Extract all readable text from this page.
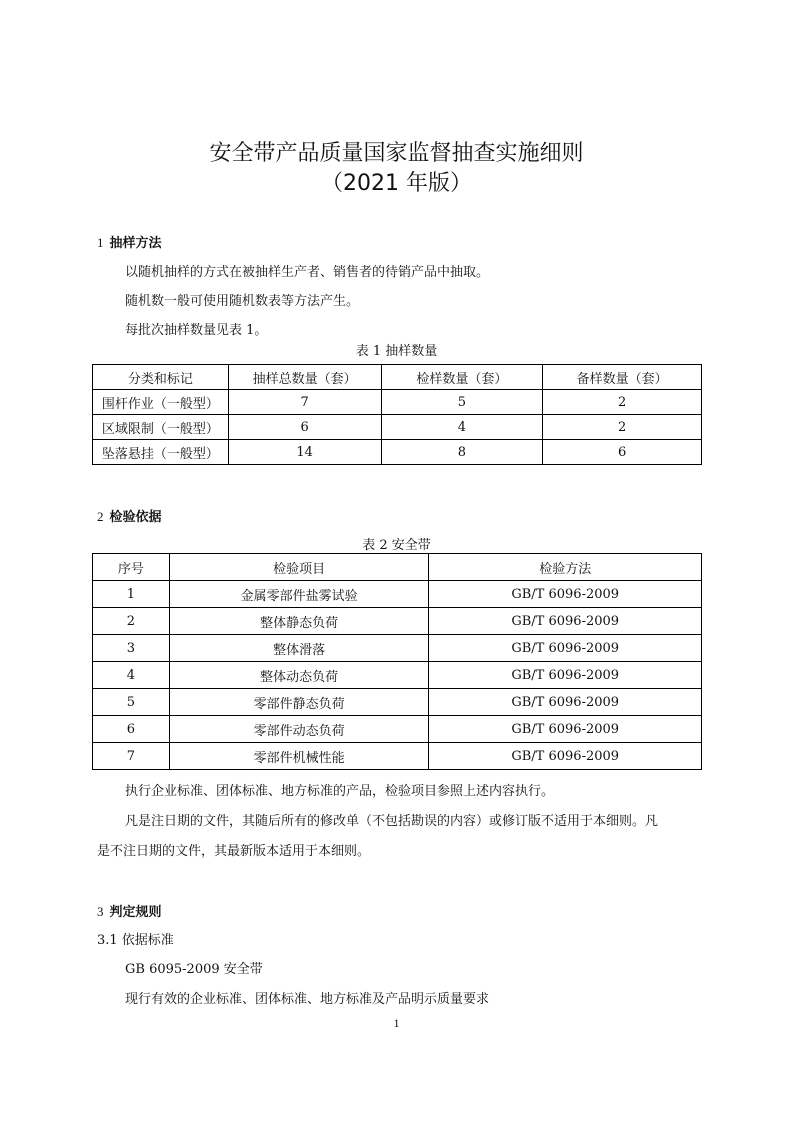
安全带产品质量国家监督抽查实施细则
（2021 年版）
1 抽样方法
以随机抽样的方式在被抽样生产者、销售者的待销产品中抽取。
随机数一般可使用随机数表等方法产生。
每批次抽样数量见表 1。
表 1 抽样数量
分类和标记	抽样总数量（套）	检样数量（套）	备样数量（套）
围杆作业（一般型）	7	5	2
区域限制（一般型）	6	4	2
坠落悬挂（一般型）	14	8	6
2 检验依据
表 2 安全带
序号	检验项目	检验方法
1	金属零部件盐雾试验	GB/T 6096-2009
2	整体静态负荷	GB/T 6096-2009
3	整体滑落	GB/T 6096-2009
4	整体动态负荷	GB/T 6096-2009
5	零部件静态负荷	GB/T 6096-2009
6	零部件动态负荷	GB/T 6096-2009
7	零部件机械性能	GB/T 6096-2009
执行企业标准、团体标准、地方标准的产品，检验项目参照上述内容执行。
凡是注日期的文件，其随后所有的修改单（不包括勘误的内容）或修订版不适用于本细则。凡
是不注日期的文件，其最新版本适用于本细则。
3 判定规则
3.1 依据标准
GB 6095-2009 安全带
现行有效的企业标准、团体标准、地方标准及产品明示质量要求
1
